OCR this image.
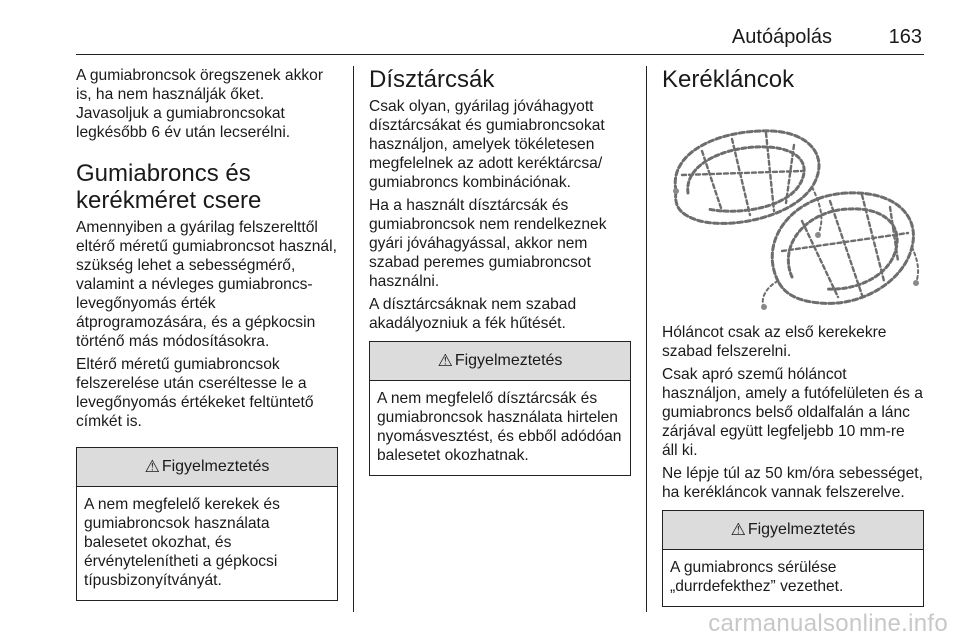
Autóápolás	163

A gumiabroncsok öregszenek akkor is, ha nem használják őket. Javasoljuk a gumiabroncsokat legkésőbb 6 év után lecserélni.

Gumiabroncs és kerékméret csere

Amennyiben a gyárilag felszerelttől eltérő méretű gumiabroncsot használ, szükség lehet a sebességmérő, valamint a névleges gumiabroncs-levegőnyomás érték átprogramozására, és a gépkocsin történő más módosításokra.

Eltérő méretű gumiabroncsok felszerelése után cseréltesse le a levegőnyomás értékeket feltüntető címkét is.

⚠ Figyelmeztetés

A nem megfelelő kerekek és gumiabroncsok használata balesetet okozhat, és érvénytelenítheti a gépkocsi típusbizonyítványát.

Dísztárcsák

Csak olyan, gyárilag jóváhagyott dísztárcsákat és gumiabroncsokat használjon, amelyek tökéletesen megfelelnek az adott keréktárcsa/ gumiabroncs kombinációnak.

Ha a használt dísztárcsák és gumiabroncsok nem rendelkeznek gyári jóváhagyással, akkor nem szabad peremes gumiabroncsot használni.

A dísztárcsáknak nem szabad akadályozniuk a fék hűtését.

⚠ Figyelmeztetés

A nem megfelelő dísztárcsák és gumiabroncsok használata hirtelen nyomásvesztést, és ebből adódóan balesetet okozhatnak.

Kerékláncok

Hóláncot csak az első kerekekre szabad felszerelni.

Csak apró szemű hóláncot használjon, amely a futófelületen és a gumiabroncs belső oldalfalán a lánc zárjával együtt legfeljebb 10 mm-re áll ki.

Ne lépje túl az 50 km/óra sebességet, ha kerékláncok vannak felszerelve.

⚠ Figyelmeztetés

A gumiabroncs sérülése „durrdefekthez” vezethet.

carmanualsonline.info
